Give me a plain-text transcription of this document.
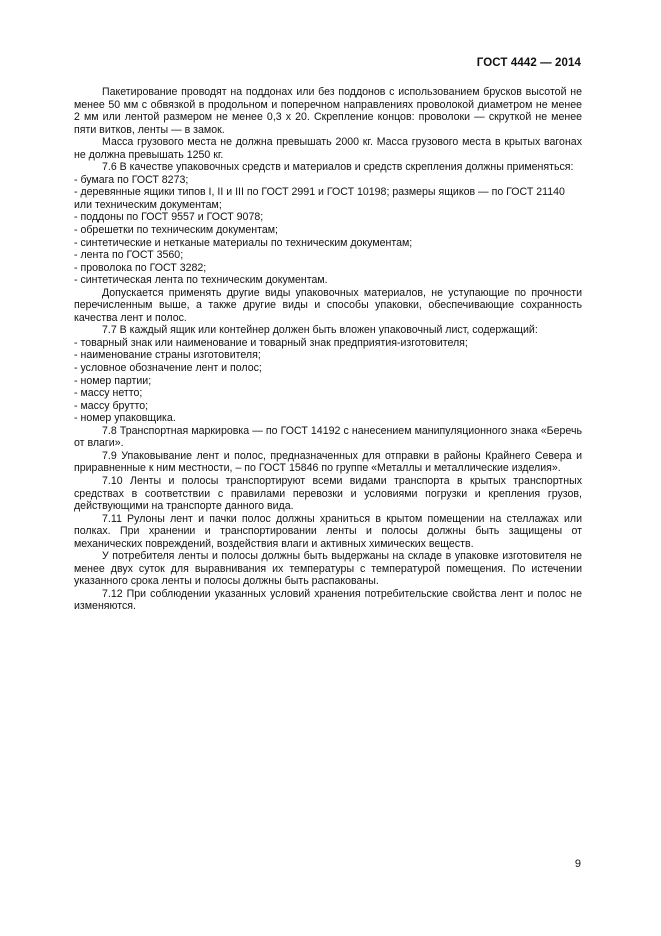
ГОСТ 4442 — 2014

Пакетирование проводят на поддонах или без поддонов с использованием брусков высотой не менее 50 мм с обвязкой в продольном и поперечном направлениях проволокой диаметром не менее 2 мм или лентой размером не менее 0,3 х 20. Скрепление концов: проволоки — скруткой не менее пяти витков, ленты — в замок.

Масса грузового места не должна превышать 2000 кг. Масса грузового места в крытых вагонах не должна превышать 1250 кг.

7.6 В качестве упаковочных средств и материалов и средств скрепления должны применяться:

- бумага по ГОСТ 8273;

- деревянные ящики типов I, II и III по ГОСТ 2991 и ГОСТ 10198; размеры ящиков — по ГОСТ 21140 или техническим документам;

- поддоны по ГОСТ 9557 и ГОСТ 9078;

- обрешетки по техническим документам;

- синтетические и нетканые материалы по техническим документам;

- лента по ГОСТ 3560;

- проволока по ГОСТ 3282;

- синтетическая лента по техническим документам.

Допускается применять другие виды упаковочных материалов, не уступающие по прочности перечисленным выше, а также другие виды и способы упаковки, обеспечивающие сохранность качества лент и полос.

7.7 В каждый ящик или контейнер должен быть вложен упаковочный лист, содержащий:

- товарный знак или наименование и товарный знак предприятия-изготовителя;

- наименование страны изготовителя;

- условное обозначение лент и полос;

- номер партии;

- массу нетто;

- массу брутто;

- номер упаковщика.

7.8 Транспортная маркировка — по ГОСТ 14192 с нанесением манипуляционного знака «Беречь от влаги».

7.9 Упаковывание лент и полос, предназначенных для отправки в районы Крайнего Севера и приравненные к ним местности, – по ГОСТ 15846 по группе «Металлы и металлические изделия».

7.10 Ленты и полосы транспортируют всеми видами транспорта в крытых транспортных средствах в соответствии с правилами перевозки и условиями погрузки и крепления грузов, действующими на транспорте данного вида.

7.11 Рулоны лент и пачки полос должны храниться в крытом помещении на стеллажах или полках. При хранении и транспортировании ленты и полосы должны быть защищены от механических повреждений, воздействия влаги и активных химических веществ.

У потребителя ленты и полосы должны быть выдержаны на складе в упаковке изготовителя не менее двух суток для выравнивания их температуры с температурой помещения. По истечении указанного срока ленты и полосы должны быть распакованы.

7.12 При соблюдении указанных условий хранения потребительские свойства лент и полос не изменяются.

9
